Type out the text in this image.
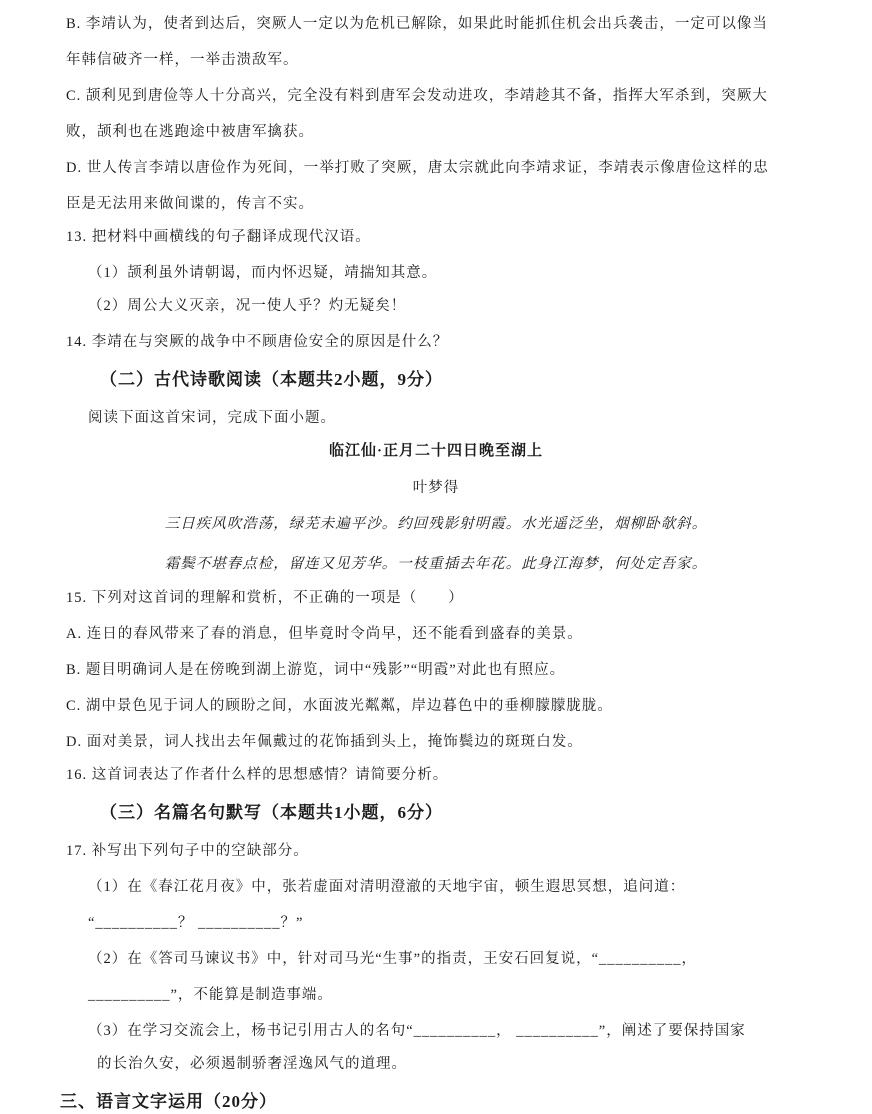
B. 李靖认为，使者到达后，突厥人一定以为危机已解除，如果此时能抓住机会出兵袭击，一定可以像当
年韩信破齐一样，一举击溃敌军。
C. 颉利见到唐俭等人十分高兴，完全没有料到唐军会发动进攻，李靖趁其不备，指挥大军杀到，突厥大
败，颉利也在逃跑途中被唐军擒获。
D. 世人传言李靖以唐俭作为死间，一举打败了突厥，唐太宗就此向李靖求证，李靖表示像唐俭这样的忠
臣是无法用来做间谍的，传言不实。
13. 把材料中画横线的句子翻译成现代汉语。
（1）颉利虽外请朝谒，而内怀迟疑，靖揣知其意。
（2）周公大义灭亲，况一使人乎？灼无疑矣！
14. 李靖在与突厥的战争中不顾唐俭安全的原因是什么？
（二）古代诗歌阅读（本题共2小题，9分）
阅读下面这首宋词，完成下面小题。
临江仙·正月二十四日晚至湖上
叶梦得
三日疾风吹浩荡，绿芜未遍平沙。约回残影射明霞。水光遥泛坐，烟柳卧欹斜。
霜鬓不堪春点检，留连又见芳华。一枝重插去年花。此身江海梦，何处定吾家。
15. 下列对这首词的理解和赏析，不正确的一项是（　　）
A. 连日的春风带来了春的消息，但毕竟时令尚早，还不能看到盛春的美景。
B. 题目明确词人是在傍晚到湖上游览，词中“残影”“明霞”对此也有照应。
C. 湖中景色见于词人的顾盼之间，水面波光粼粼，岸边暮色中的垂柳朦朦胧胧。
D. 面对美景，词人找出去年佩戴过的花饰插到头上，掩饰鬓边的斑斑白发。
16. 这首词表达了作者什么样的思想感情？请简要分析。
（三）名篇名句默写（本题共1小题，6分）
17. 补写出下列句子中的空缺部分。
（1）在《春江花月夜》中，张若虚面对清明澄澈的天地宇宙，顿生遐思冥想，追问道：
“__________？ __________？”
（2）在《答司马谏议书》中，针对司马光“生事”的指责，王安石回复说，“__________，
__________”，不能算是制造事端。
（3）在学习交流会上，杨书记引用古人的名句“__________， __________”，阐述了要保持国家
的长治久安，必须遏制骄奢淫逸风气的道理。
三、语言文字运用（20分）
